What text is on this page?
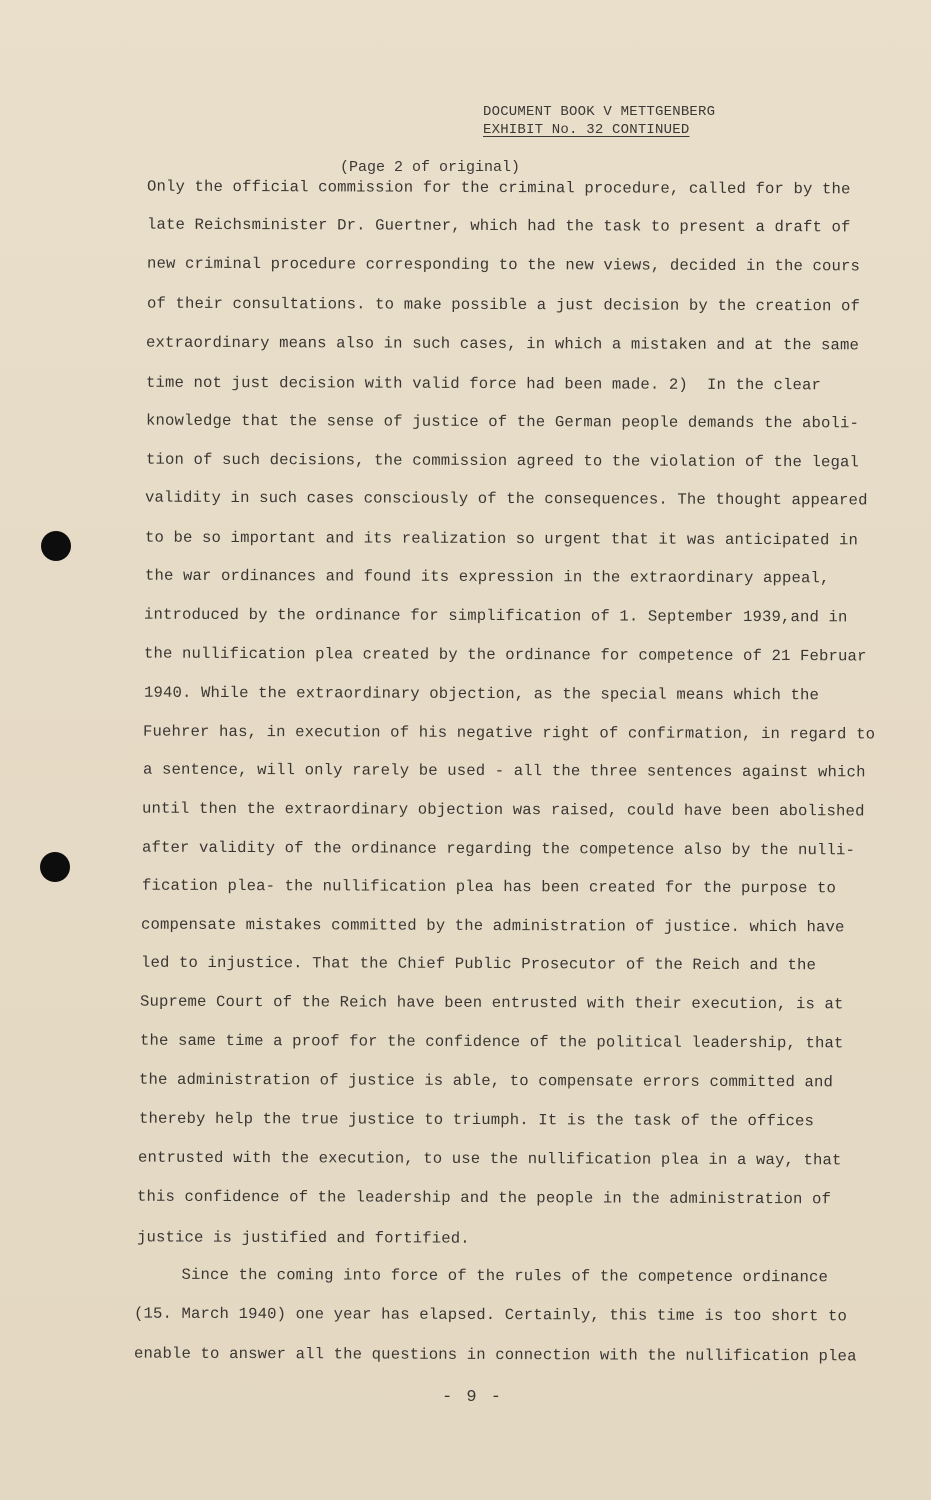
DOCUMENT BOOK V METTGENBERG
EXHIBIT No. 32 CONTINUED
(Page 2 of original)
Only the official commission for the criminal procedure, called for by the
late Reichsminister Dr. Guertner, which had the task to present a draft of
new criminal procedure corresponding to the new views, decided in the cours
of their consultations. to make possible a just decision by the creation of
extraordinary means also in such cases, in which a mistaken and at the same
time not just decision with valid force had been made. 2)  In the clear
knowledge that the sense of justice of the German people demands the aboli-
tion of such decisions, the commission agreed to the violation of the legal
validity in such cases consciously of the consequences. The thought appeared
to be so important and its realization so urgent that it was anticipated in
the war ordinances and found its expression in the extraordinary appeal,
introduced by the ordinance for simplification of 1. September 1939,and in
the nullification plea created by the ordinance for competence of 21 Februar
1940. While the extraordinary objection, as the special means which the
Fuehrer has, in execution of his negative right of confirmation, in regard to
a sentence, will only rarely be used - all the three sentences against which
until then the extraordinary objection was raised, could have been abolished
after validity of the ordinance regarding the competence also by the nulli-
fication plea- the nullification plea has been created for the purpose to
compensate mistakes committed by the administration of justice. which have
led to injustice. That the Chief Public Prosecutor of the Reich and the
Supreme Court of the Reich have been entrusted with their execution, is at
the same time a proof for the confidence of the political leadership, that
the administration of justice is able, to compensate errors committed and
thereby help the true justice to triumph. It is the task of the offices
entrusted with the execution, to use the nullification plea in a way, that
this confidence of the leadership and the people in the administration of
justice is justified and fortified.
Since the coming into force of the rules of the competence ordinance
(15. March 1940) one year has elapsed. Certainly, this time is too short to
enable to answer all the questions in connection with the nullification plea
- 9 -
